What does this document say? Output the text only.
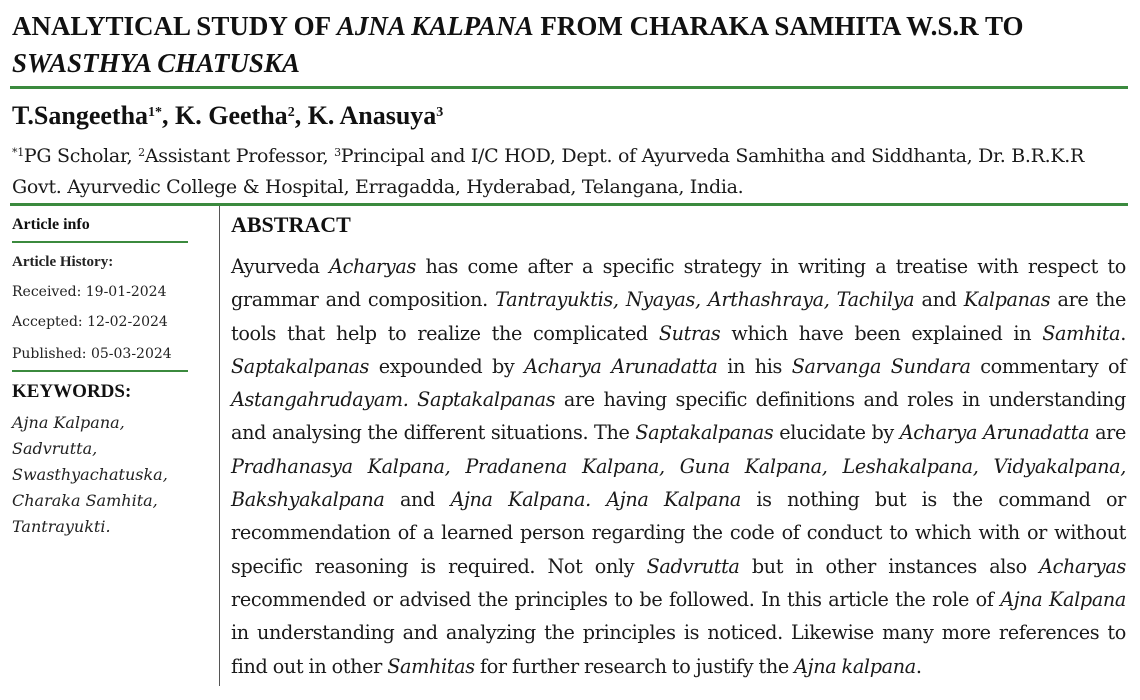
ANALYTICAL STUDY OF AJNA KALPANA FROM CHARAKA SAMHITA W.S.R TO SWASTHYA CHATUSKA

T.Sangeetha$^{1*}$, K. Geetha$^2$, K. Anasuya$^3$

$^{*1}$PG Scholar, $^2$Assistant Professor, $^3$Principal and I/C HOD, Dept. of Ayurveda Samhitha and Siddhanta, Dr. B.R.K.R Govt. Ayurvedic College & Hospital, Erragadda, Hyderabad, Telangana, India.

Article info

Article History:

Received: 19-01-2024

Accepted: 12-02-2024

Published: 05-03-2024

KEYWORDS:

Ajna Kalpana,

Sadvrutta,

Swasthyachatuska,

Charaka Samhita,

Tantrayukti.

ABSTRACT

Ayurveda Acharyas has come after a specific strategy in writing a treatise with respect to grammar and composition. Tantrayuktis, Nyayas, Arthashraya, Tachilya and Kalpanas are the tools that help to realize the complicated Sutras which have been explained in Samhita. Saptakalpanas expounded by Acharya Arunadatta in his Sarvanga Sundara commentary of Astangahrudayam. Saptakalpanas are having specific definitions and roles in understanding and analysing the different situations. The Saptakalpanas elucidate by Acharya Arunadatta are Pradhanasya Kalpana, Pradanena Kalpana, Guna Kalpana, Leshakalpana, Vidyakalpana, Bakshyakalpana and Ajna Kalpana. Ajna Kalpana is nothing but is the command or recommendation of a learned person regarding the code of conduct to which with or without specific reasoning is required. Not only Sadvrutta but in other instances also Acharyas recommended or advised the principles to be followed. In this article the role of Ajna Kalpana in understanding and analyzing the principles is noticed. Likewise many more references to find out in other Samhitas for further research to justify the Ajna kalpana.
